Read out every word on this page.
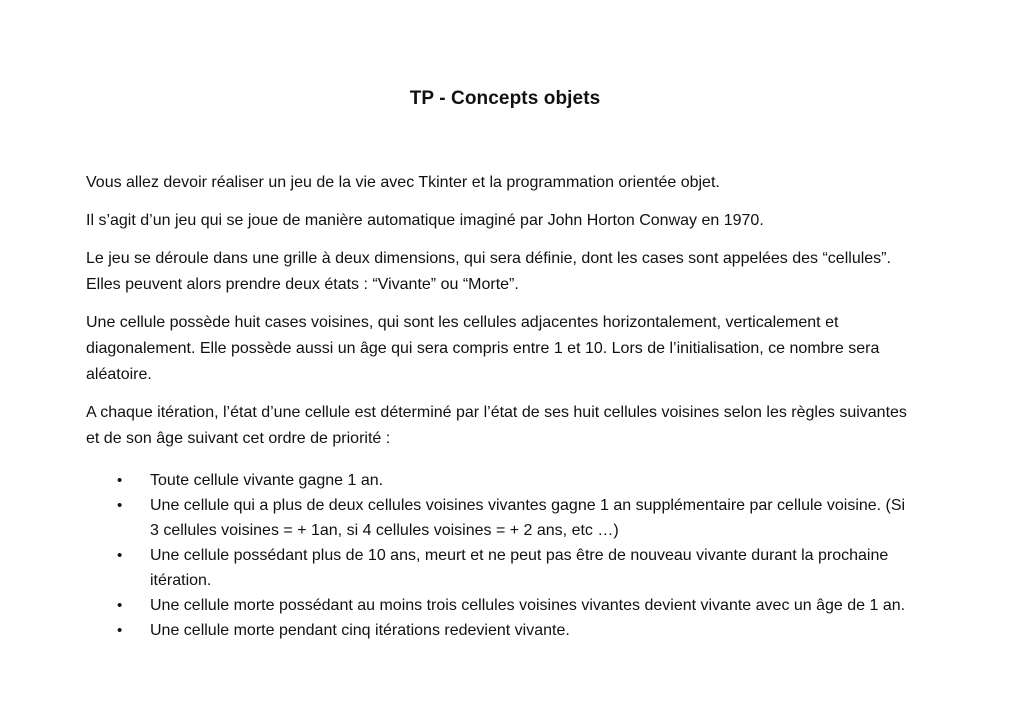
TP - Concepts objets

Vous allez devoir réaliser un jeu de la vie avec Tkinter et la programmation orientée objet.

Il s’agit d’un jeu qui se joue de manière automatique imaginé par John Horton Conway en 1970.

Le jeu se déroule dans une grille à deux dimensions, qui sera définie, dont les cases sont appelées des “cellules”. Elles peuvent alors prendre deux états : “Vivante” ou “Morte”.

Une cellule possède huit cases voisines, qui sont les cellules adjacentes horizontalement, verticalement et diagonalement. Elle possède aussi un âge qui sera compris entre 1 et 10. Lors de l’initialisation, ce nombre sera aléatoire.

A chaque itération, l’état d’une cellule est déterminé par l’état de ses huit cellules voisines selon les règles suivantes et de son âge suivant cet ordre de priorité :

• Toute cellule vivante gagne 1 an.
• Une cellule qui a plus de deux cellules voisines vivantes gagne 1 an supplémentaire par cellule voisine. (Si 3 cellules voisines = + 1an, si 4 cellules voisines = + 2 ans, etc …)
• Une cellule possédant plus de 10 ans, meurt et ne peut pas être de nouveau vivante durant la prochaine itération.
• Une cellule morte possédant au moins trois cellules voisines vivantes devient vivante avec un âge de 1 an.
• Une cellule morte pendant cinq itérations redevient vivante.
